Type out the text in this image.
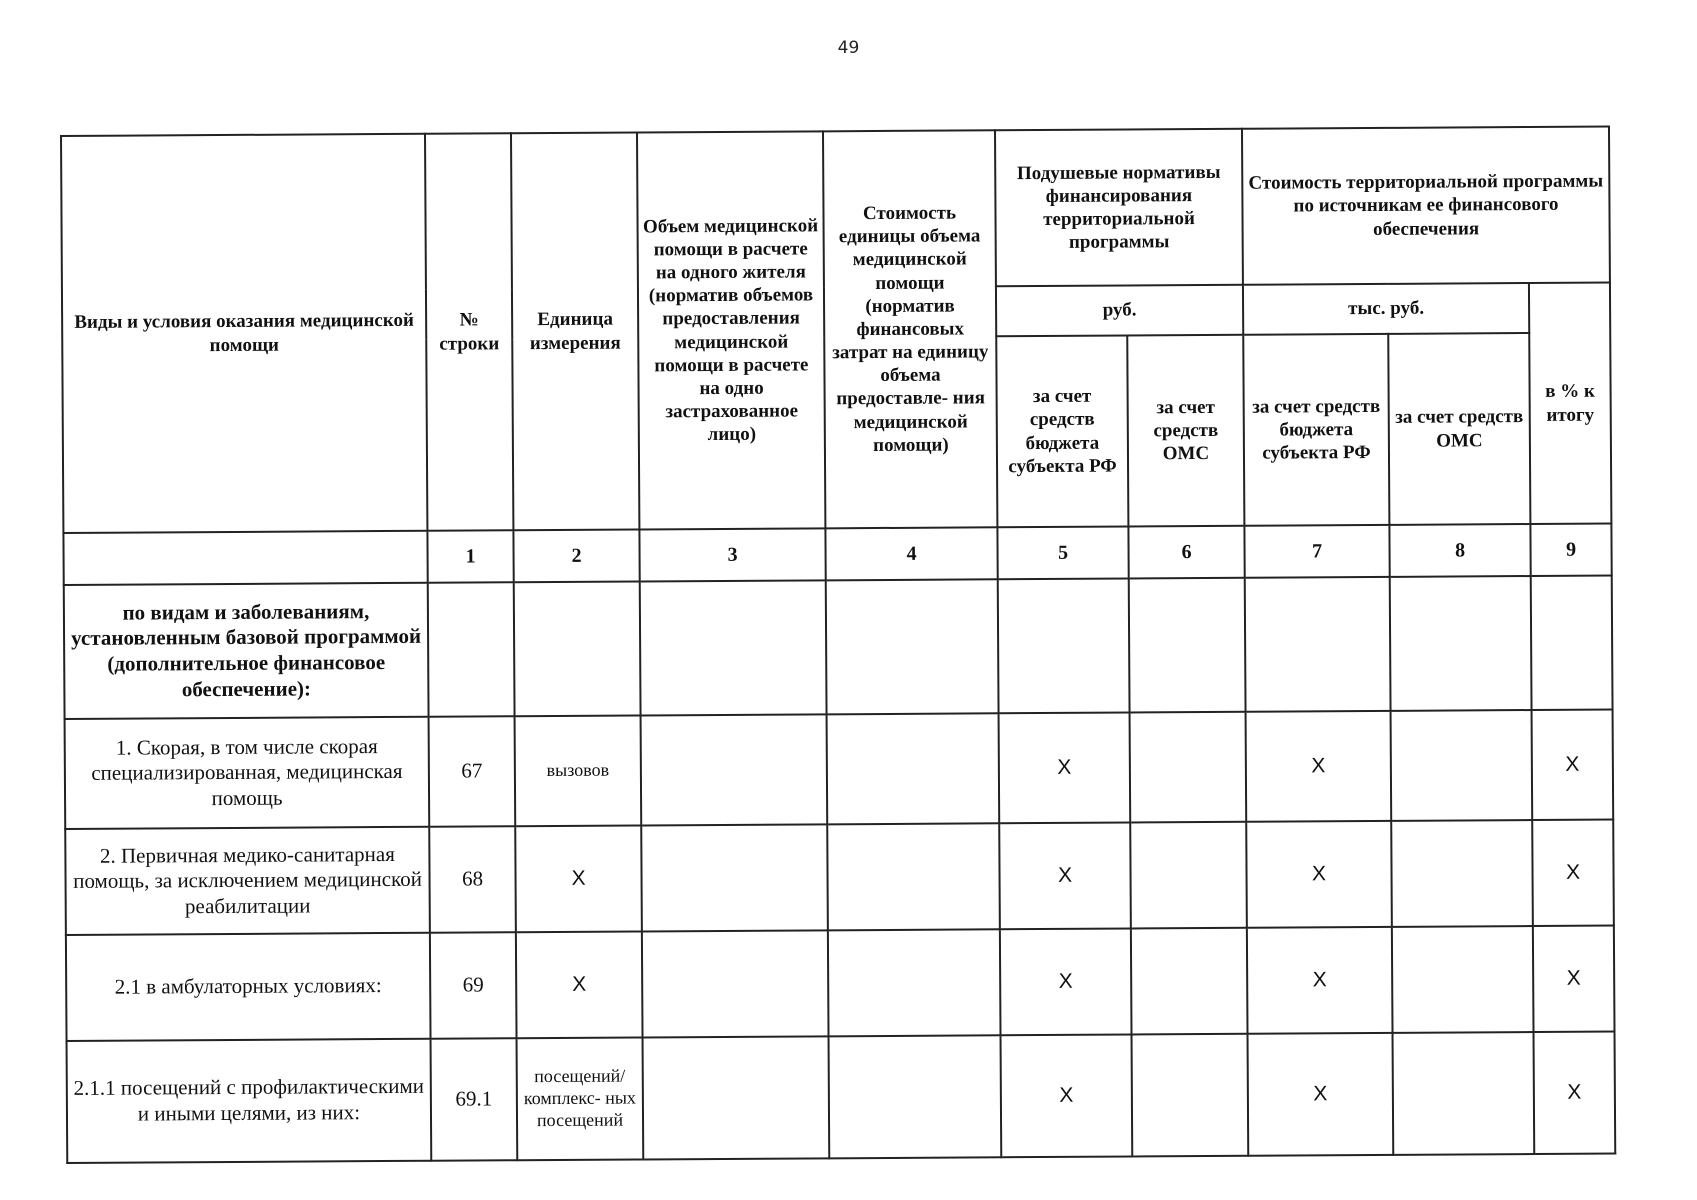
49
Виды и условия оказания медицинской помощи	№ строки	Единица измерения	Объем медицинской помощи в расчете на одного жителя (норматив объемов предоставления медицинской помощи в расчете на одно застрахованное лицо)	Стоимость единицы объема медицинской помощи (норматив финансовых затрат на единицу объема предоставле- ния медицинской помощи)	Подушевые нормативы финансирования территориальной программы		Стоимость территориальной программы по источникам ее финансового обеспечения		
					руб.		тыс. руб.		в % к итогу
					за счет средств бюджета субъекта РФ	за счет средств ОМС	за счет средств бюджета субъекта РФ	за счет средств ОМС	
	1	2	3	4	5	6	7	8	9
по видам и заболеваниям, установленным базовой программой (дополнительное финансовое обеспечение):									
1. Скорая, в том числе скорая специализированная, медицинская помощь	67	вызовов			X		X		X
2. Первичная медико-санитарная помощь, за исключением медицинской реабилитации	68	X			X		X		X
2.1 в амбулаторных условиях:	69	X			X		X		X
2.1.1 посещений с профилактическими и иными целями, из них:	69.1	посещений/ комплекс- ных посещений			X		X		X
